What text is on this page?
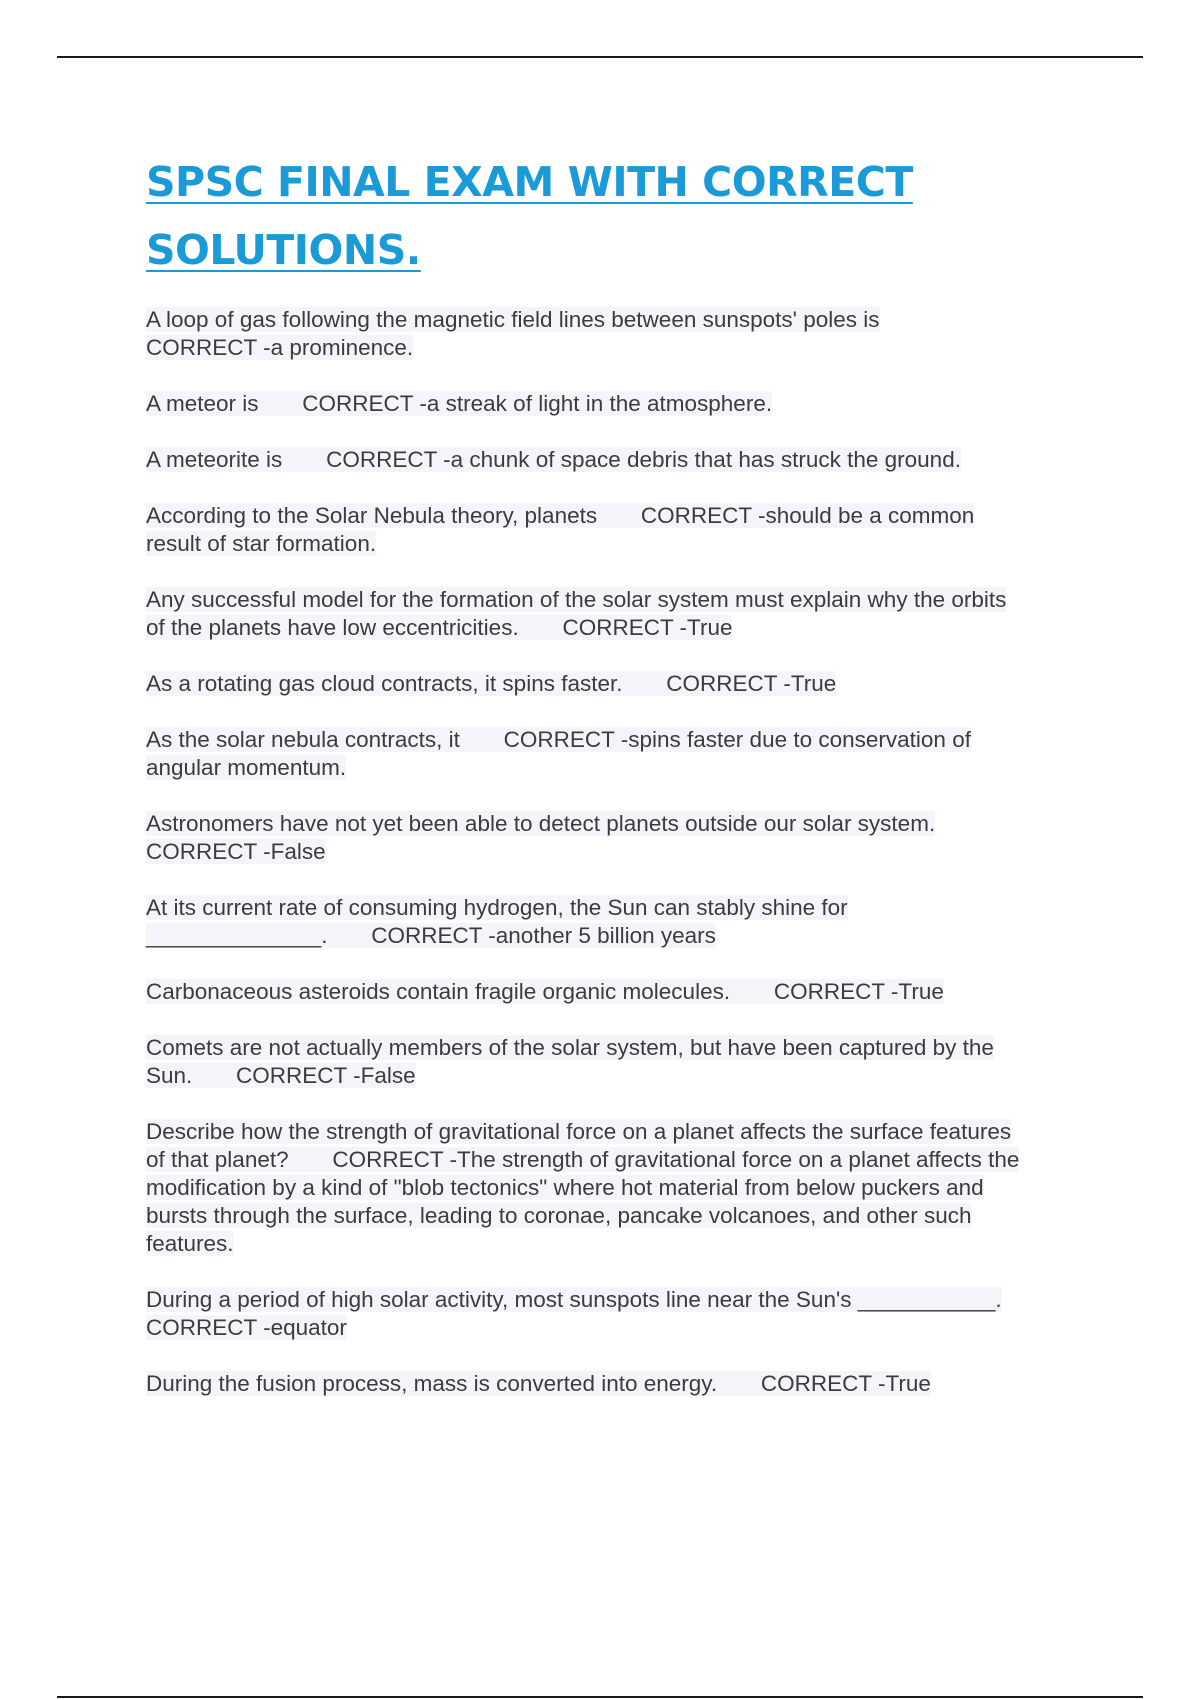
SPSC FINAL EXAM WITH CORRECT SOLUTIONS.
A loop of gas following the magnetic field lines between sunspots' poles is
CORRECT -a prominence.
A meteor is       CORRECT -a streak of light in the atmosphere.
A meteorite is       CORRECT -a chunk of space debris that has struck the ground.
According to the Solar Nebula theory, planets       CORRECT -should be a common
result of star formation.
Any successful model for the formation of the solar system must explain why the orbits
of the planets have low eccentricities.       CORRECT -True
As a rotating gas cloud contracts, it spins faster.       CORRECT -True
As the solar nebula contracts, it       CORRECT -spins faster due to conservation of
angular momentum.
Astronomers have not yet been able to detect planets outside our solar system.
CORRECT -False
At its current rate of consuming hydrogen, the Sun can stably shine for
______________.       CORRECT -another 5 billion years
Carbonaceous asteroids contain fragile organic molecules.       CORRECT -True
Comets are not actually members of the solar system, but have been captured by the
Sun.       CORRECT -False
Describe how the strength of gravitational force on a planet affects the surface features
of that planet?       CORRECT -The strength of gravitational force on a planet affects the
modification by a kind of "blob tectonics" where hot material from below puckers and
bursts through the surface, leading to coronae, pancake volcanoes, and other such
features.
During a period of high solar activity, most sunspots line near the Sun's ___________.
CORRECT -equator
During the fusion process, mass is converted into energy.       CORRECT -True
